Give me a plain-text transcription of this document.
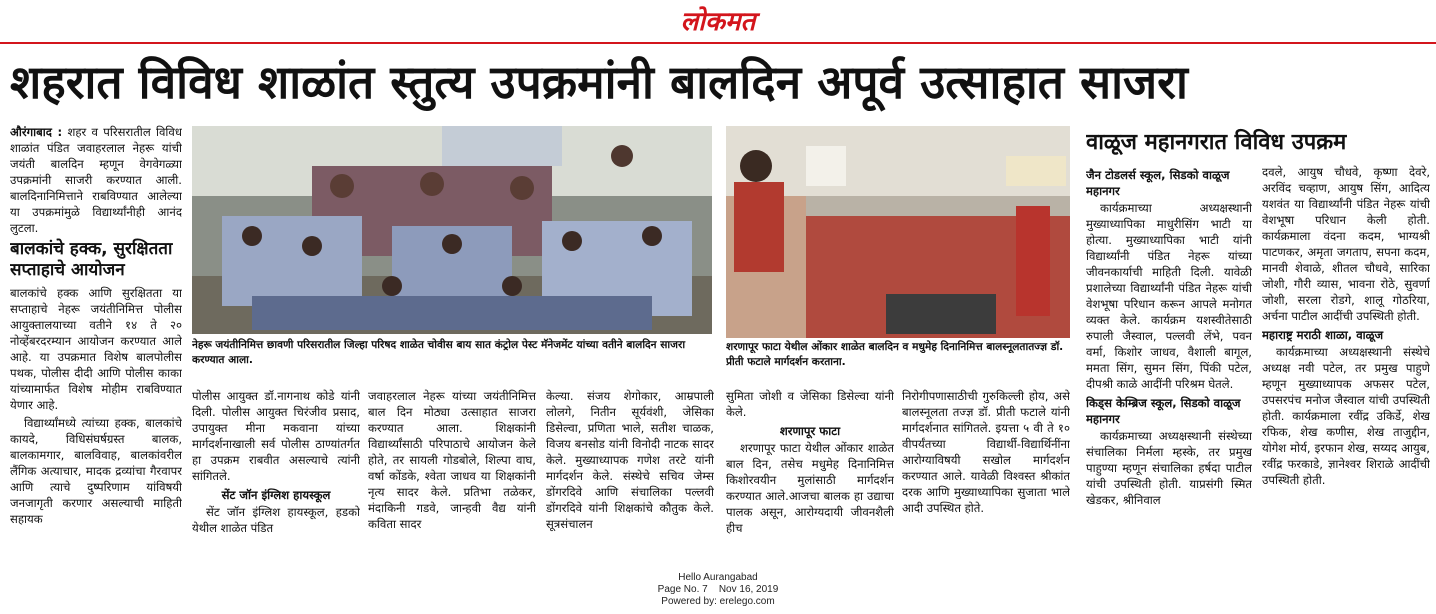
लोकमत
शहरात विविध शाळांत स्तुत्य उपक्रमांनी बालदिन अपूर्व उत्साहात साजरा

औरंगाबाद : शहर व परिसरातील विविध शाळांत पंडित जवाहरलाल नेहरू यांची जयंती बालदिन म्हणून वेगवेगळ्या उपक्रमांनी साजरी करण्यात आली. बालदिनानिमित्ताने राबविण्यात आलेल्या या उपक्रमांमुळे विद्यार्थ्यांनीही आनंद लुटला.

बालकांचे हक्क, सुरक्षितता सप्ताहाचे आयोजन

बालकांचे हक्क आणि सुरक्षितता या सप्ताहाचे नेहरू जयंतीनिमित्त पोलीस आयुक्तालयाच्या वतीने १४ ते २० नोव्हेंबरदरम्यान आयोजन करण्यात आले आहे. या उपक्रमात विशेष बालपोलीस पथक, पोलीस दीदी आणि पोलीस काका यांच्यामार्फत विशेष मोहीम राबविण्यात येणार आहे.

विद्यार्थ्यांमध्ये त्यांच्या हक्क, बालकांचे कायदे, विधिसंघर्षग्रस्त बालक, बालकामगार, बालविवाह, बालकांवरील लैंगिक अत्याचार, मादक द्रव्यांचा गैरवापर आणि त्याचे दुष्परिणाम यांविषयी जनजागृती करणार असल्याची माहिती सहायक

नेहरू जयंतीनिमित्त छावणी परिसरातील जिल्हा परिषद शाळेत चोवीस बाय सात कंट्रोल पेस्ट मॅनेजमेंट यांच्या वतीने बालदिन साजरा करण्यात आला.
शरणापूर फाटा येथील ओंकार शाळेत बालदिन व मधुमेह दिनानिमित्त बालस्नूलतातज्ज्ञ डॉ. प्रीती फटाले मार्गदर्शन करताना.

पोलीस आयुक्त डॉ.नागनाथ कोडे यांनी दिली. पोलीस आयुक्त चिरंजीव प्रसाद, उपायुक्त मीना मकवाना यांच्या मार्गदर्शनाखाली सर्व पोलीस ठाण्यांतर्गत हा उपक्रम राबवीत असल्याचे त्यांनी सांगितले.

सेंट जॉन इंग्लिश हायस्कूल

सेंट जॉन इंग्लिश हायस्कूल, हडको येथील शाळेत पंडित

जवाहरलाल नेहरू यांच्या जयंतीनिमित्त बाल दिन मोठ्या उत्साहात साजरा करण्यात आला. शिक्षकांनी विद्यार्थ्यांसाठी परिपाठाचे आयोजन केले होते, तर सायली गोडबोले, शिल्पा वाघ, वर्षा कोंडके, श्वेता जाधव या शिक्षकांनी नृत्य सादर केले. प्रतिभा तळेकर, मंदाकिनी गडवे, जान्हवी वैद्य यांनी कविता सादर

केल्या. संजय शेगोकार, आम्रपाली लोलगे, नितीन सूर्यवंशी, जेसिका डिसेल्वा, प्रणिता भाले, सतीश चाळक, विजय बनसोड यांनी विनोदी नाटक सादर केले. मुख्याध्यापक गणेश तरटे यांनी मार्गदर्शन केले. संस्थेचे सचिव जेम्स डोंगरदिवे आणि संचालिका पल्लवी डोंगरदिवे यांनी शिक्षकांचे कौतुक केले. सूत्रसंचालन

सुमिता जोशी व जेसिका डिसेल्वा यांनी केले.

शरणापूर फाटा

शरणापूर फाटा येथील ओंकार शाळेत बाल दिन, तसेच मधुमेह दिनानिमित्त किशोरवयीन मुलांसाठी मार्गदर्शन करण्यात आले.आजचा बालक हा उद्याचा पालक असून, आरोग्यदायी जीवनशैली हीच

निरोगीपणासाठीची गुरुकिल्ली होय, असे बालस्नूलता तज्ज्ञ डॉ. प्रीती फटाले यांनी मार्गदर्शनात सांगितले. इयत्ता ५ वी ते १० वीपर्यंतच्या विद्यार्थी-विद्यार्थिनींना आरोग्याविषयी सखोल मार्गदर्शन करण्यात आले. यावेळी विश्वस्त श्रीकांत दरक आणि मुख्याध्यापिका सुजाता भाले आदी उपस्थित होते.

वाळूज महानगरात विविध उपक्रम
जैन टोडलर्स स्कूल, सिडको वाळूज महानगर

कार्यक्रमाच्या अध्यक्षस्थानी मुख्याध्यापिका माधुरीसिंग भाटी या होत्या. मुख्याध्यापिका भाटी यांनी विद्यार्थ्यांनी पंडित नेहरू यांच्या जीवनकार्याची माहिती दिली. यावेळी प्रशालेच्या विद्यार्थ्यांनी पंडित नेहरू यांची वेशभूषा परिधान करून आपले मनोगत व्यक्त केले. कार्यक्रम यशस्वीतेसाठी रुपाली जैस्वाल, पल्लवी लेंभे, पवन वर्मा, किशोर जाधव, वैशाली बागूल, ममता सिंग, सुमन सिंग, पिंकी पटेल, दीपश्री काळे आदींनी परिश्रम घेतले.

किड्स केम्ब्रिज स्कूल, सिडको वाळूज महानगर

कार्यक्रमाच्या अध्यक्षस्थानी संस्थेच्या संचालिका निर्मला म्हस्के, तर प्रमुख पाहुण्या म्हणून संचालिका हर्षदा पाटील यांची उपस्थिती होती. याप्रसंगी स्मित खेडकर, श्रीनिवाल

दवले, आयुष चौधवे, कृष्णा देवरे, अरविंद चव्हाण, आयुष सिंग, आदित्य यशवंत या विद्यार्थ्यांनी पंडित नेहरू यांची वेशभूषा परिधान केली होती. कार्यक्रमाला वंदना कदम, भाग्यश्री पाटणकर, अमृता जगताप, सपना कदम, मानवी शेवाळे, शीतल चौधवे, सारिका जोशी, गौरी व्यास, भावना रोठे, सुवर्णा जोशी, सरला रोडगे, शालू गोठरिया, अर्चना पाटील आदींची उपस्थिती होती.

महाराष्ट्र मराठी शाळा, वाळूज

कार्यक्रमाच्या अध्यक्षस्थानी संस्थेचे अध्यक्ष नवी पटेल, तर प्रमुख पाहुणे म्हणून मुख्याध्यापक अफसर पटेल, उपसरपंच मनोज जैस्वाल यांची उपस्थिती होती. कार्यक्रमाला रवींद्र उकिर्डे, शेख रफिक, शेख कणीस, शेख ताजुद्दीन, योगेश मोर्य, इरफान शेख, सय्यद आयुब, रवींद्र फरकाडे, ज्ञानेश्वर शिराळे आदींची उपस्थिती होती.

Hello Aurangabad
Page No. 7    Nov 16, 2019
Powered by: erelego.com
